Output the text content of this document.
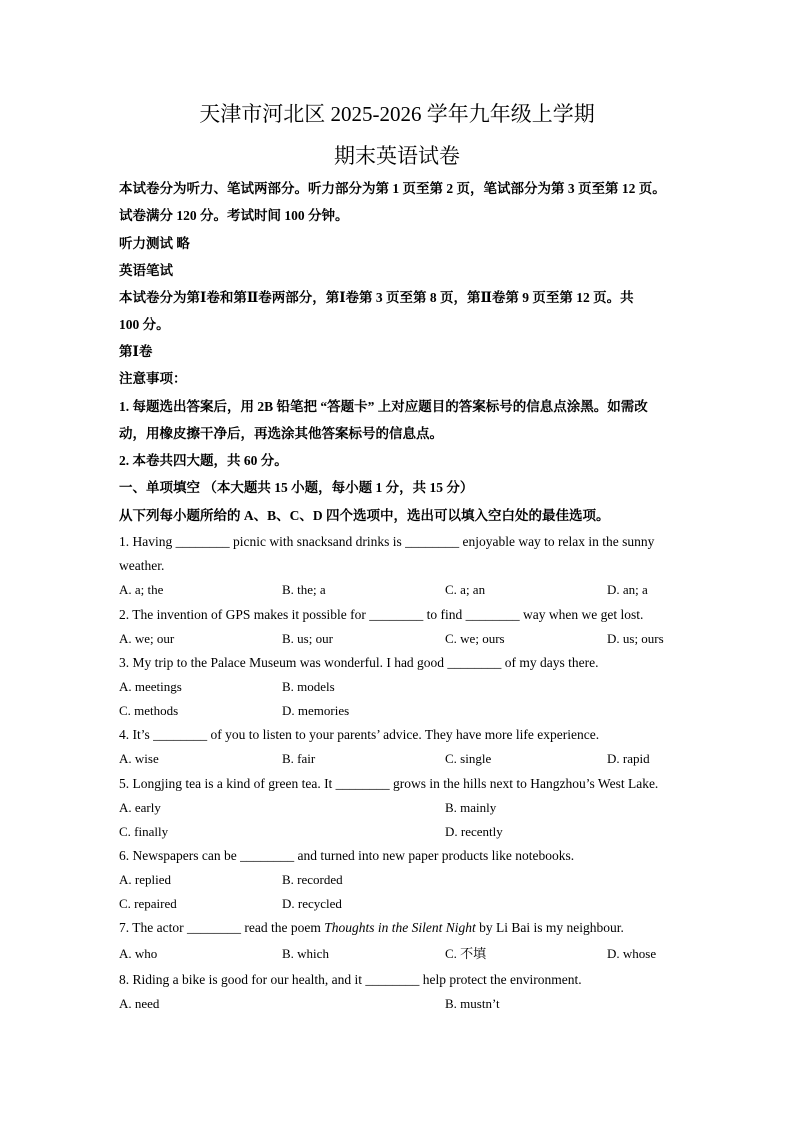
天津市河北区 2025-2026 学年九年级上学期
期末英语试卷
本试卷分为听力、笔试两部分。听力部分为第 1 页至第 2 页，笔试部分为第 3 页至第 12 页。
试卷满分 120 分。考试时间 100 分钟。
听力测试 略
英语笔试
本试卷分为第Ⅰ卷和第Ⅱ卷两部分，第Ⅰ卷第 3 页至第 8 页，第Ⅱ卷第 9 页至第 12 页。共
100 分。
第Ⅰ卷
注意事项：
1. 每题选出答案后，用 2B 铅笔把 “答题卡” 上对应题目的答案标号的信息点涂黑。如需改
动，用橡皮擦干净后，再选涂其他答案标号的信息点。
2. 本卷共四大题，共 60 分。
一、单项填空 （本大题共 15 小题，每小题 1 分，共 15 分）
从下列每小题所给的 A、B、C、D 四个选项中，选出可以填入空白处的最佳选项。
1. Having ________ picnic with snacksand drinks is ________ enjoyable way to relax in the sunny
weather.
A. a; the	B. the; a	C. a; an	D. an; a
2. The invention of GPS makes it possible for ________ to find ________ way when we get lost.
A. we; our	B. us; our	C. we; ours	D. us; ours
3. My trip to the Palace Museum was wonderful. I had good ________ of my days there.
A. meetings	B. models
C. methods	D. memories
4. It’s ________ of you to listen to your parents’ advice. They have more life experience.
A. wise	B. fair	C. single	D. rapid
5. Longjing tea is a kind of green tea. It ________ grows in the hills next to Hangzhou’s West Lake.
A. early	B. mainly
C. finally	D. recently
6. Newspapers can be ________ and turned into new paper products like notebooks.
A. replied	B. recorded
C. repaired	D. recycled
7. The actor ________ read the poem Thoughts in the Silent Night by Li Bai is my neighbour.
A. who	B. which	C. 不填	D. whose
8. Riding a bike is good for our health, and it ________ help protect the environment.
A. need	B. mustn’t
